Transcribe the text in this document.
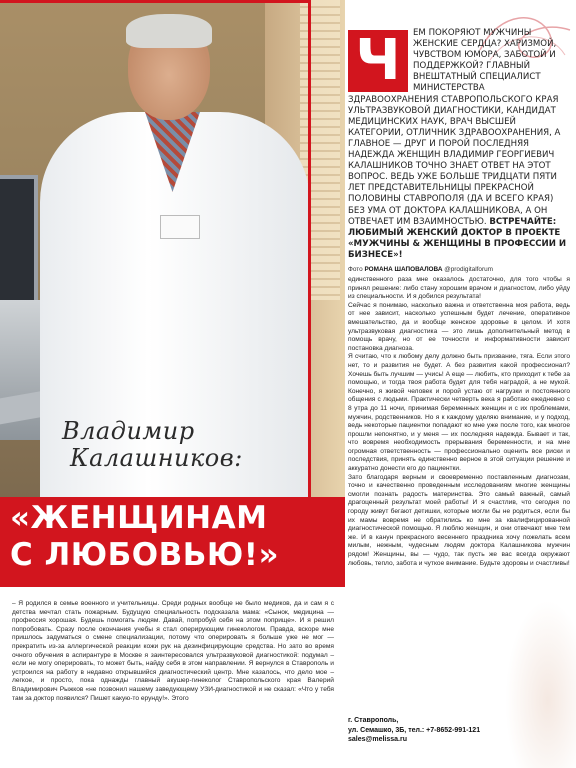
Владимир

Калашников:
«ЖЕНЩИНАМ
С ЛЮБОВЬЮ!»
Ч	ЕМ ПОКОРЯЮТ МУЖЧИНЫ ЖЕНСКИЕ СЕРДЦА? ХАРИЗМОЙ, ЧУВСТВОМ ЮМОРА, ЗАБОТОЙ И ПОДДЕРЖКОЙ? ГЛАВНЫЙ ВНЕШТАТНЫЙ СПЕЦИАЛИСТ МИНИСТЕРСТВА ЗДРАВООХРАНЕНИЯ СТАВРОПОЛЬСКОГО КРАЯ УЛЬТРАЗВУКОВОЙ ДИАГНОСТИКИ, КАНДИДАТ МЕДИЦИНСКИХ НАУК, ВРАЧ ВЫСШЕЙ КАТЕГОРИИ, ОТЛИЧНИК ЗДРАВООХРАНЕНИЯ, А ГЛАВНОЕ — ДРУГ И ПОРОЙ ПОСЛЕДНЯЯ НАДЕЖДА ЖЕНЩИН ВЛАДИМИР ГЕОРГИЕВИЧ КАЛАШНИКОВ ТОЧНО ЗНАЕТ ОТВЕТ НА ЭТОТ ВОПРОС. ВЕДЬ УЖЕ БОЛЬШЕ ТРИДЦАТИ ПЯТИ ЛЕТ ПРЕДСТАВИТЕЛЬНИЦЫ ПРЕКРАСНОЙ ПОЛОВИНЫ СТАВРОПОЛЯ (ДА И ВСЕГО КРАЯ) БЕЗ УМА ОТ ДОКТОРА КАЛАШНИКОВА, А ОН ОТВЕЧАЕТ ИМ ВЗАИМНОСТЬЮ. ВСТРЕЧАЙТЕ: ЛЮБИМЫЙ ЖЕНСКИЙ ДОКТОР В ПРОЕКТЕ «МУЖЧИНЫ & ЖЕНЩИНЫ В ПРОФЕССИИ И БИЗНЕСЕ»!

Фото РОМАНА ШАПОВАЛОВА @prodigitalforum

единственного раза мне оказалось достаточно, для того чтобы я принял решение: либо стану хорошим врачом и диагностом, либо уйду из специальности. И я добился результата!

Сейчас я понимаю, насколько важна и ответственна моя работа, ведь от нее зависит, насколько успешным будет лечение, оперативное вмешательство, да и вообще женское здоровье в целом. И хотя ультразвуковая диагностика — это лишь дополнительный метод в помощь врачу, но от ее точности и информативности зависит постановка диагноза.

Я считаю, что к любому делу должно быть призвание, тяга. Если этого нет, то и развития не будет. А без развития какой профессионал? Хочешь быть лучшим — учись! А еще — любить, кто приходит к тебе за помощью, и тогда твоя работа будет для тебя наградой, а не мукой. Конечно, я живой человек и порой устаю от нагрузки и постоянного общения с людьми. Практически четверть века я работаю ежедневно с 8 утра до 11 ночи, принимая беременных женщин и с их проблемами, мужчин, родственников. Но я к каждому уделяю внимание, и у подход, ведь некоторые пациентки попадают ко мне уже после того, как многое прошли непонятно, и у меня — их последняя надежда. Бывает и так, что вовремя необходимость прерывания беременности, и на мне огромная ответственность — профессионально оценить все риски и последствия, принять единственно верное в этой ситуации решение и аккуратно донести его до пациентки.

Зато благодаря верным и своевременно поставленным диагнозам, точно и качественно проведенным исследованиям многие женщины смогли познать радость материнства. Это самый важный, самый драгоценный результат моей работы! И я счастлив, что сегодня по городу живут бегают детишки, которые могли бы не родиться, если бы их мамы вовремя не обратились ко мне за квалифицированной диагностической помощью. Я люблю женщин, и они отвечают мне тем же. И в канун прекрасного весеннего праздника хочу пожелать всем милым, нежным, чудесным людям доктора Калашникова мужчин рядом! Женщины, вы — чудо, так пусть же вас всегда окружают любовь, тепло, забота и чуткое внимание. Будьте здоровы и счастливы!

– Я родился в семье военного и учительницы. Среди родных вообще не было медиков, да и сам я с детства мечтал стать пожарным. Будущую специальность подсказала мама: «Сынок, медицина — профессия хорошая. Будешь помогать людям. Давай, попробуй себя на этом поприще». И я решил попробовать. Сразу после окончания учебы я стал оперирующим гинекологом. Правда, вскоре мне пришлось задуматься о смене специализации, потому что оперировать я больше уже не мог — прекратить из-за аллергической реакции кожи рук на дезинфицирующие средства. Но зато во время очного обучения в аспирантуре в Москве я заинтересовался ультразвуковой диагностикой: подумал – если не могу оперировать, то может быть, найду себя в этом направлении. Я вернулся в Ставрополь и устроился на работу в недавно открывшийся диагностический центр. Мне казалось, что дело мое – легкое, и просто, пока однажды главный акушер-гинеколог Ставропольского края Валерий Владимирович Рыжков «не позвонил нашему заведующему УЗИ-диагностикой и не сказал: «Что у тебя там за доктор появился? Пишет какую-то ерунду!». Этого
г. Ставрополь,
ул. Семашко, 3Б, тел.: +7-8652-991-121
sales@melissa.ru
